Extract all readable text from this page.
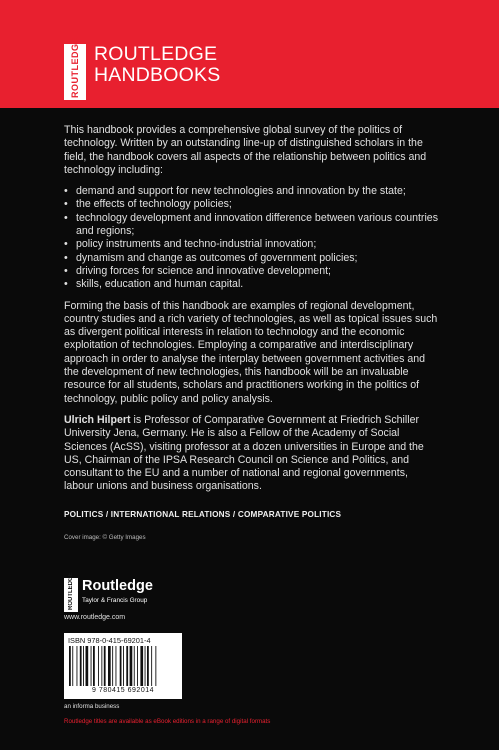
ROUTLEDGE ROUTLEDGE
HANDBOOKS

This handbook provides a comprehensive global survey of the politics of technology. Written by an outstanding line-up of distinguished scholars in the field, the handbook covers all aspects of the relationship between politics and technology including:

• demand and support for new technologies and innovation by the state;
• the effects of technology policies;
• technology development and innovation difference between various countries and regions;
• policy instruments and techno-industrial innovation;
• dynamism and change as outcomes of government policies;
• driving forces for science and innovative development;
• skills, education and human capital.

Forming the basis of this handbook are examples of regional development, country studies and a rich variety of technologies, as well as topical issues such as divergent political interests in relation to technology and the economic exploitation of technologies. Employing a comparative and interdisciplinary approach in order to analyse the interplay between government activities and the development of new technologies, this handbook will be an invaluable resource for all students, scholars and practitioners working in the politics of technology, public policy and policy analysis.

Ulrich Hilpert is Professor of Comparative Government at Friedrich Schiller University Jena, Germany. He is also a Fellow of the Academy of Social Sciences (AcSS), visiting professor at a dozen universities in Europe and the US, Chairman of the IPSA Research Council on Science and Politics, and consultant to the EU and a number of national and regional governments, labour unions and business organisations.

POLITICS / INTERNATIONAL RELATIONS / COMPARATIVE POLITICS
Cover image: © Getty Images
ROUTLEDGE Routledge
Taylor & Francis Group
www.routledge.com
ISBN 978-0-415-69201-4
9 780415 692014
an informa business
Routledge titles are available as eBook editions in a range of digital formats
